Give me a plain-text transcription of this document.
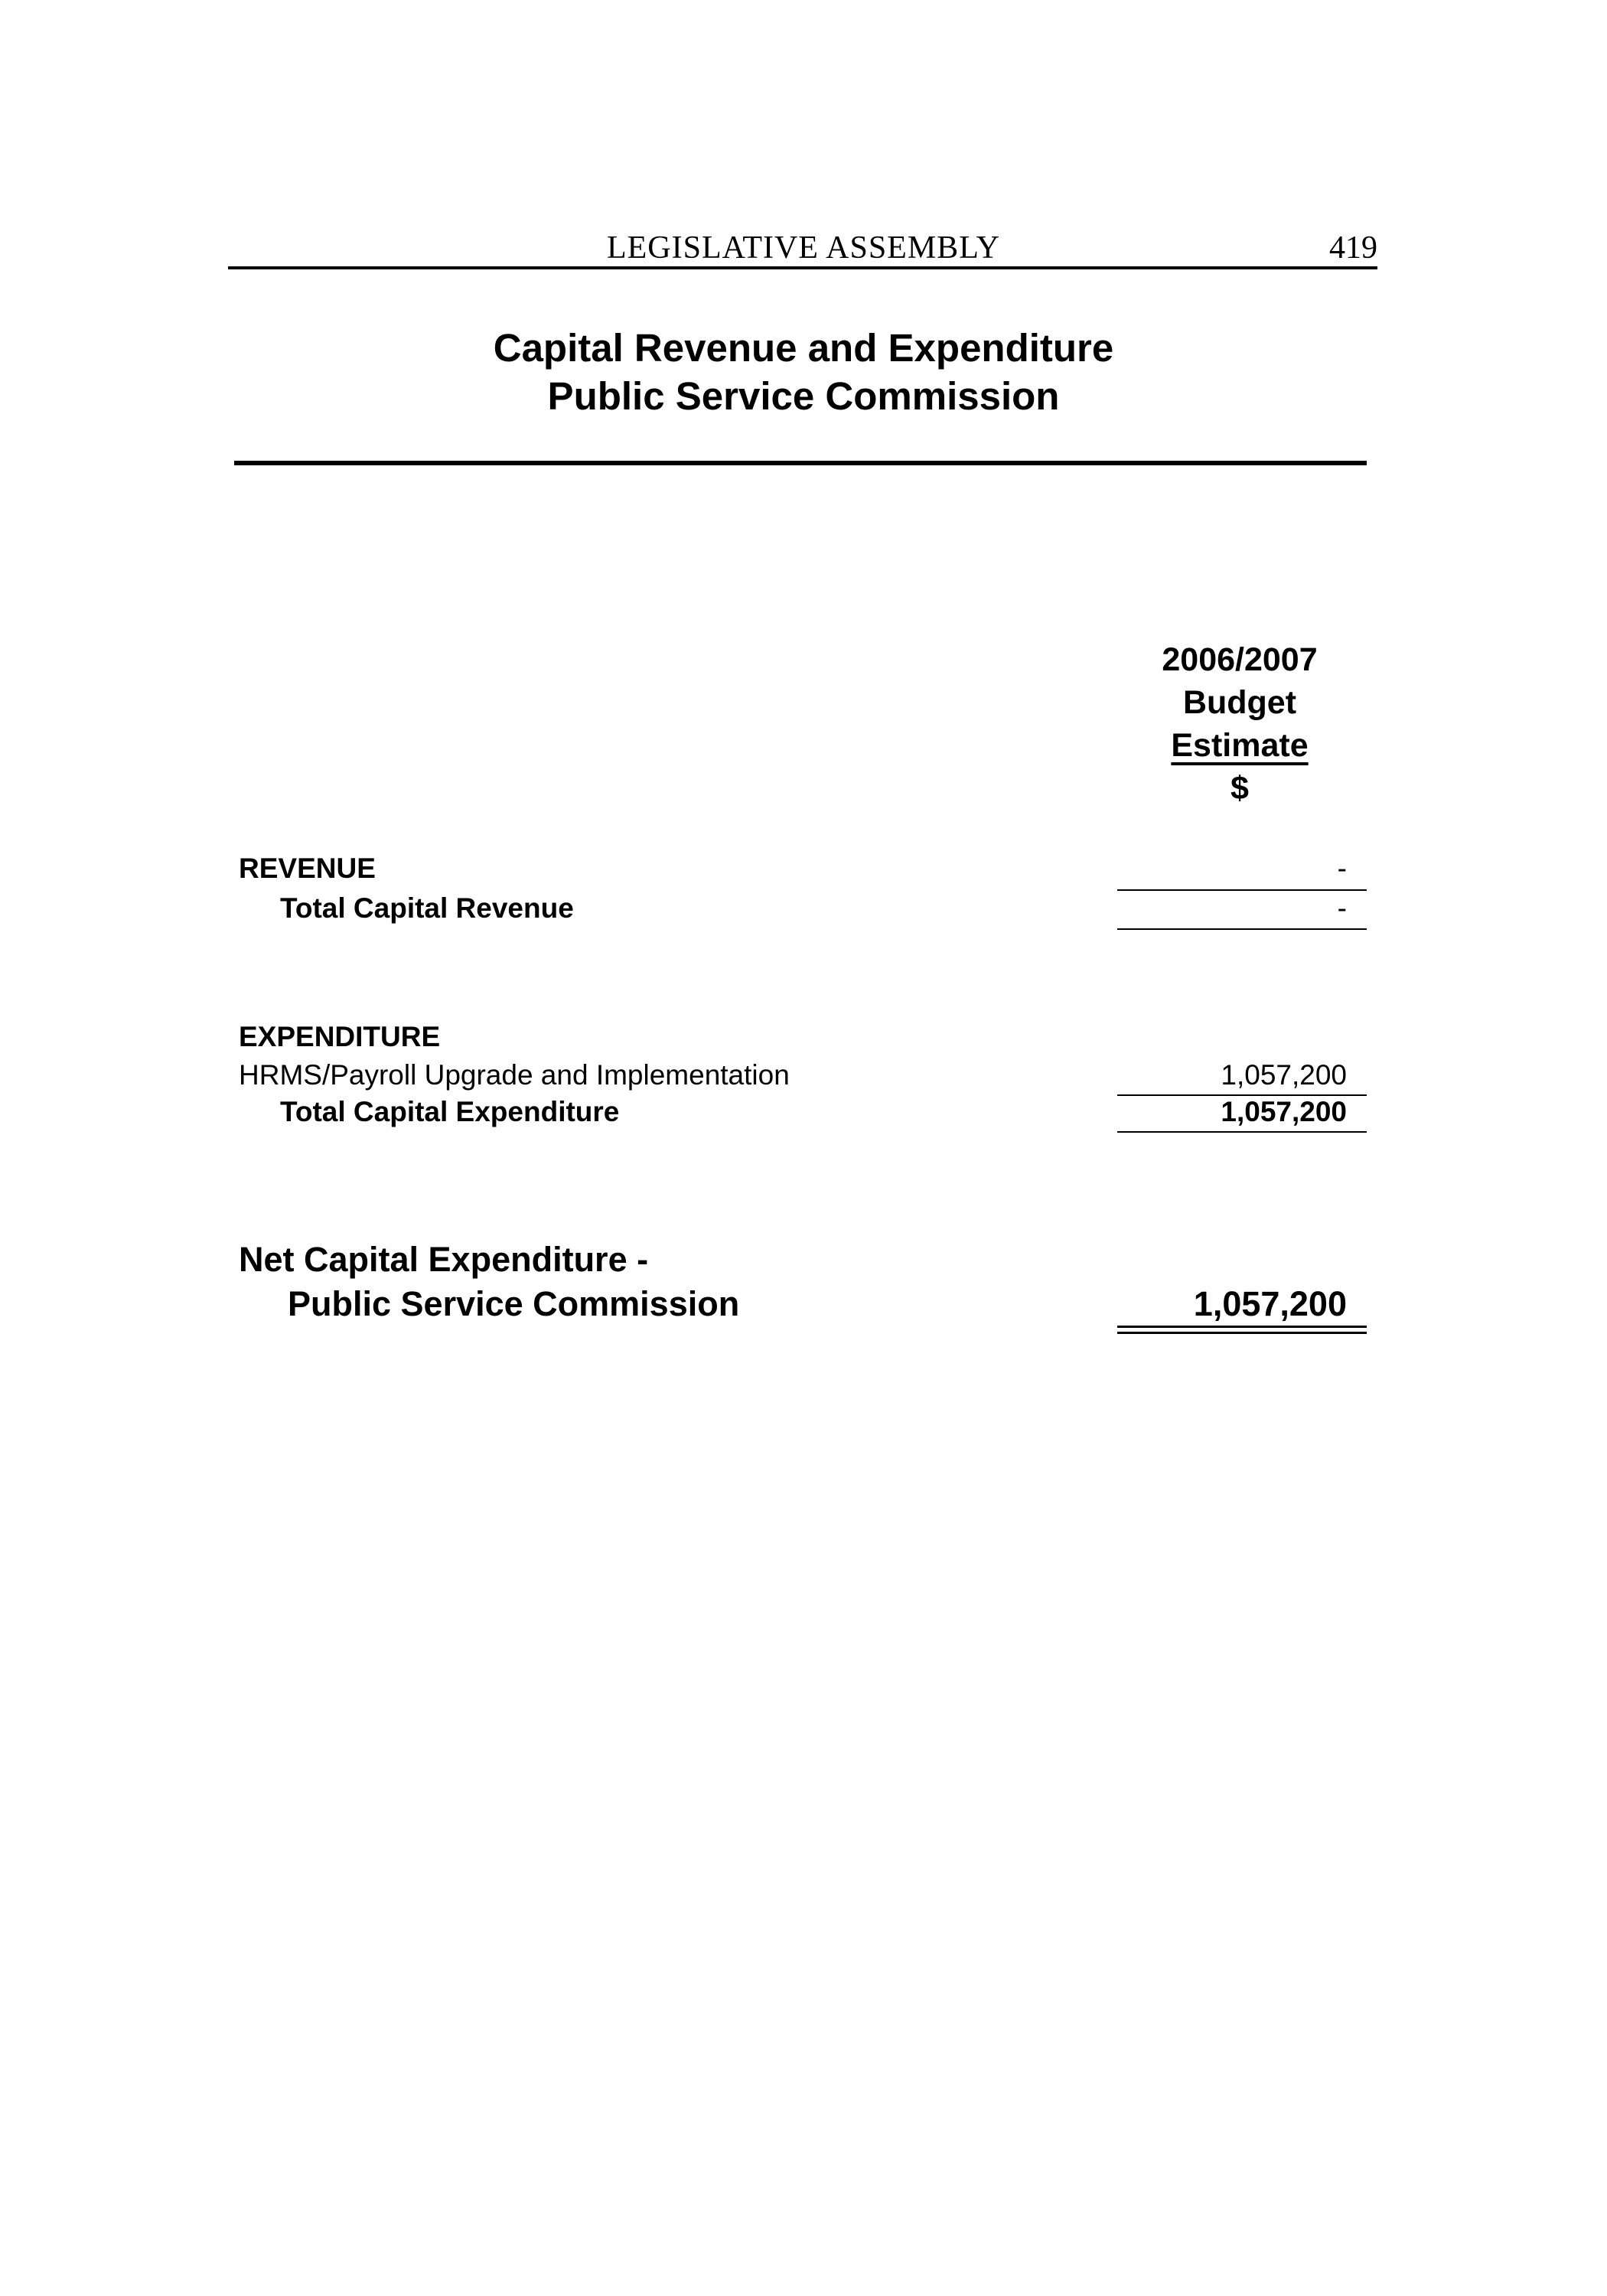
LEGISLATIVE ASSEMBLY	419
Capital Revenue and Expenditure
Public Service Commission
2006/2007
Budget
Estimate
$
REVENUE	-
Total Capital Revenue	-
EXPENDITURE
HRMS/Payroll Upgrade and Implementation	1,057,200
Total Capital Expenditure	1,057,200
Net Capital Expenditure -
Public Service Commission	1,057,200
